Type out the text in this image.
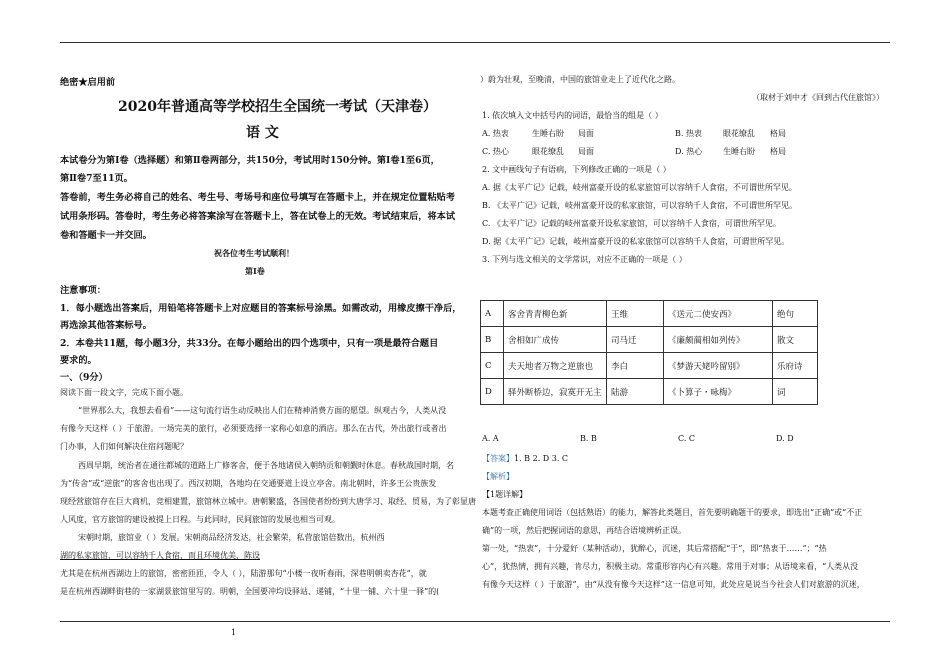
1
绝密★启用前
2020年普通高等学校招生全国统一考试（天津卷）
语 文
本试卷分为第Ⅰ卷（选择题）和第Ⅱ卷两部分，共150分，考试用时150分钟。第Ⅰ卷1至6页，
第Ⅱ卷7至11页。
答卷前，考生务必将自己的姓名、考生号、考场号和座位号填写在答题卡上，并在规定位置粘贴考
试用条形码。答卷时，考生务必将答案涂写在答题卡上，答在试卷上的无效。考试结束后，将本试
卷和答题卡一并交回。
祝各位考生考试顺利！
第Ⅰ卷
注意事项：
1．每小题选出答案后，用铅笔将答题卡上对应题目的答案标号涂黑。如需改动，用橡皮擦干净后，
再选涂其他答案标号。
2．本卷共11题，每小题3分，共33分。在每小题给出的四个选项中，只有一项是最符合题目
要求的。
一、（9分）
阅读下面一段文字，完成下面小题。
“世界那么大，我想去看看”——这句流行语生动反映出人们在精神消费方面的愿望。纵观古今，人类从没
有像今天这样（ ）于旅游。一场完美的旅行，必须要选择一家称心如意的酒店。那么在古代，外出旅行或者出
门办事，人们如何解决住宿问题呢？
西周早期，统治者在通往都城的道路上广修客舍，便于各地诸侯入朝纳贡和朝觐时休息。春秋战国时期，名
为“传舍”或“逆旅”的客舍也出现了。西汉初期，各地均在交通要道上设立亭舍。南北朝时，许多王公贵族发
现经营旅馆存在巨大商机，竞相建置，旅馆林立城中。唐朝繁盛，各国使者纷纷到大唐学习、取经、贸易，为了彰显唐
人风度，官方旅馆的建设被提上日程。与此同时，民间旅馆的发展也相当可观。
宋朝时期，旅馆业（ ）发展。宋朝商品经济发达，社会繁荣，私营旅馆倍数出，杭州西
湖的私家旅馆，可以容纳千人食宿，而且环境优美，陈设
尤其是在杭州西湖边上的旅馆，密密匝匝，令人（ ），陆游那句“小楼一夜听春雨，深巷明朝卖杏花”，就
是在杭州西湖畔街巷的一家湖景旅馆里写的。明朝，全国要冲均设驿站、递铺，“十里一铺、六十里一驿”的(
）蔚为壮观，至晚清，中国的旅馆业走上了近代化之路。
（取材于刘中才《回到古代住旅馆》）
1. 依次填入文中括号内的词语，最恰当的组是（ ）
A. 热衷	生睡右盼 局面	B. 热衷	眼花缭乱 格局
C. 热心	眼花缭乱 局面	D. 热心	生睡右盼 格局
2. 文中画线句子有语病，下列修改正确的一项是（ ）
A. 据《太平广记》记载，岐州富豪开设的私家旅馆可以容纳千人食宿，不可谓世所罕见。
B. 《太平广记》记载，岐州富豪开设的私家旅馆，可以容纳千人食宿，不可谓世所罕见。
C. 《太平广记》记载的岐州富豪开设私家旅馆，可以容纳千人食宿，可谓世所罕见。
D. 据《太平广记》记载，岐州富豪开设的私家旅馆可以容纳千人食宿，可谓世所罕见。
3. 下列与选文相关的文学常识，对应不正确的一项是（ ）
A	客舍青青柳色新	王维	《送元二使安西》	绝句
B	舍相如广成传	司马迁	《廉颇蔺相如列传》	散文
C	夫天地者万物之逆旅也	李白	《梦游天姥吟留别》	乐府诗
D	驿外断桥边，寂寞开无主	陆游	《卜算子・咏梅》	词
A. A	B. B	C. C	D. D
【答案】1. B 2. D 3. C
【解析】
【1题详解】
本题考查正确使用词语（包括熟语）的能力，解答此类题目，首先要明确题干的要求，即选出“正确”或“不正
确”的一项，然后把握词语的意思，再结合语境辨析正误。
第一处，“热衷”，十分爱好（某种活动），犹醉心，沉迷，其后常搭配“于”，即“热衷于……”；“热
心”，犹热情，拥有兴趣，肯尽力，积极主动。常重形容内心有兴趣。常用于对事；从语境来看，“人类从没
有像今天这样（ ）于旅游”，由“从没有像今天这样”这一信息可知，此处应是说当今社会人们对旅游的沉迷，
